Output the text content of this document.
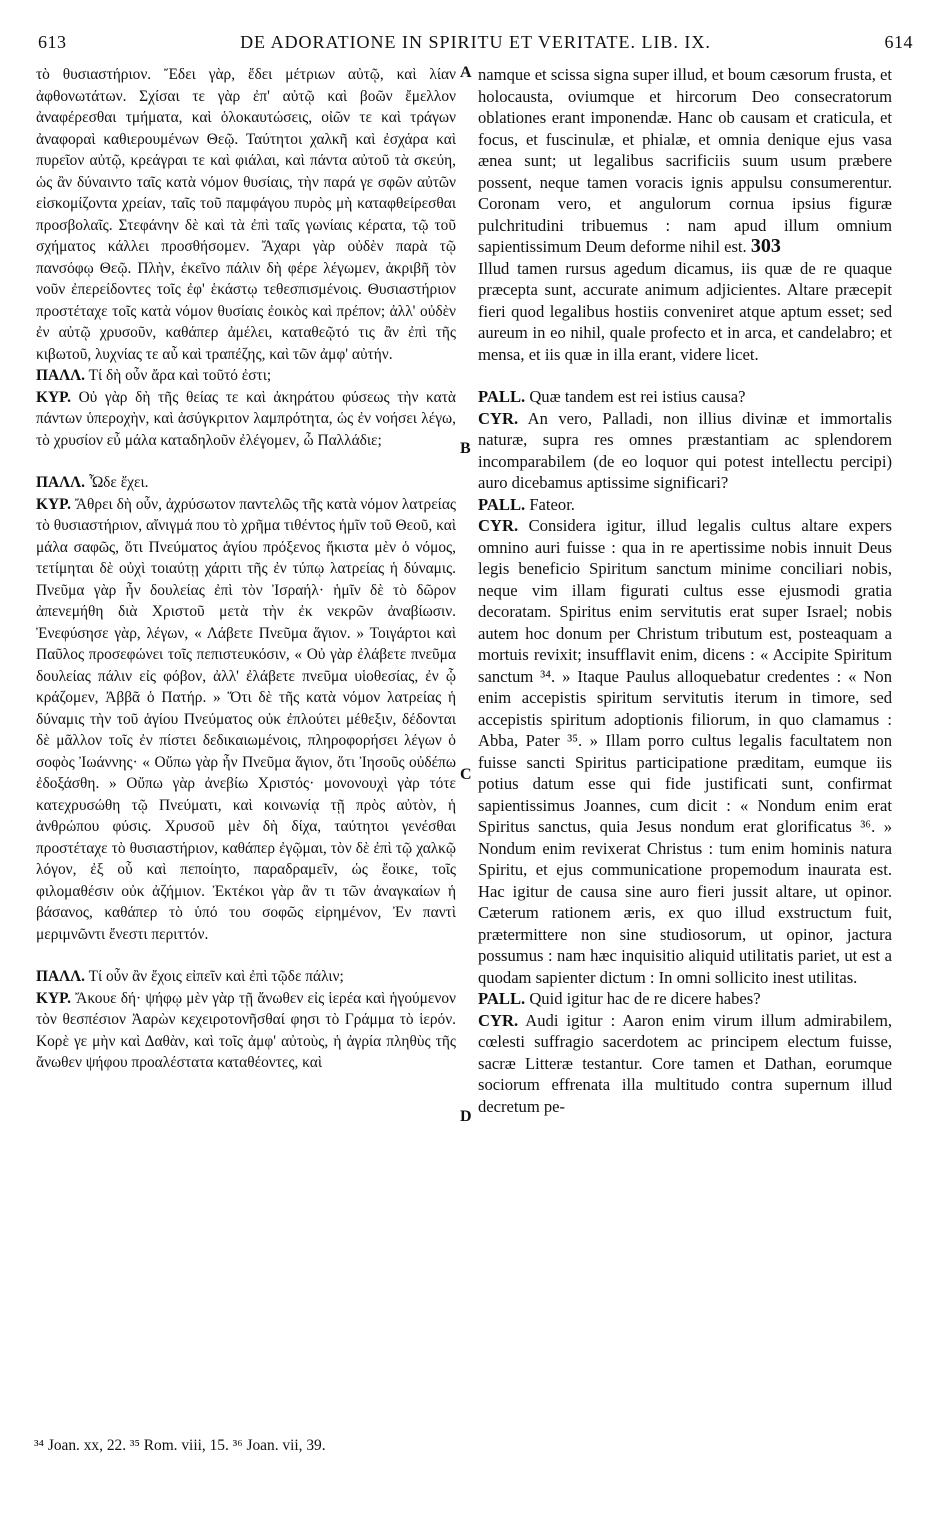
613	DE ADORATIONE IN SPIRITU ET VERITATE. LIB. IX.	614

τὸ θυσιαστήριον. Ἔδει γὰρ, ἔδει μέτριων αὐτῷ, καὶ λίαν ἀφθονωτάτων. Σχίσαι τε γὰρ ἐπ' αὐτῷ καὶ βοῶν ἔμελλον ἀναφέρεσθαι τμήματα, καὶ ὁλοκαυτώσεις, οἰῶν τε καὶ τράγων ἀναφοραὶ καθιερουμένων Θεῷ. Ταύτητοι χαλκῆ καὶ ἐσχάρα καὶ πυρεῖον αὐτῷ, κρεάγραι τε καὶ φιάλαι, καὶ πάντα αὐτοῦ τὰ σκεύη, ὡς ἂν δύναιντο ταῖς κατὰ νόμον θυσίαις, τὴν παρά γε σφῶν αὐτῶν εἰσκομίζοντα χρείαν, ταῖς τοῦ παμφάγου πυρὸς μὴ καταφθείρεσθαι προσβολαῖς. Στεφάνην δὲ καὶ τὰ ἐπὶ ταῖς γωνίαις κέρατα, τῷ τοῦ σχήματος κάλλει προσθήσομεν. Ἄχαρι γὰρ οὐδὲν παρὰ τῷ πανσόφῳ Θεῷ. Πλὴν, ἐκεῖνο πάλιν δὴ φέρε λέγωμεν, ἀκριβῆ τὸν νοῦν ἐπερείδοντες τοῖς ἐφ' ἑκάστῳ τεθεσπισμένοις. Θυσιαστήριον προστέταχε τοῖς κατὰ νόμον θυσίαις ἐοικὸς καὶ πρέπον; ἀλλ' οὐδὲν ἐν αὐτῷ χρυσοῦν, καθάπερ ἀμέλει, καταθεῷτό τις ἂν ἐπὶ τῆς κιβωτοῦ, λυχνίας τε αὖ καὶ τραπέζης, καὶ τῶν ἀμφ' αὐτήν.

ΠΑΛΛ. Τί δὴ οὖν ἄρα καὶ τοῦτό ἐστι;

ΚΥΡ. Οὐ γὰρ δὴ τῆς θείας τε καὶ ἀκηράτου φύσεως τὴν κατὰ πάντων ὑπεροχὴν, καὶ ἀσύγκριτον λαμπρότητα, ὡς ἐν νοήσει λέγω, τὸ χρυσίον εὖ μάλα καταδηλοῦν ἐλέγομεν, ὦ Παλλάδιε;

ΠΑΛΛ. Ὧδε ἔχει.

ΚΥΡ. Ἄθρει δὴ οὖν, ἀχρύσωτον παντελῶς τῆς κατὰ νόμον λατρείας τὸ θυσιαστήριον, αἴνιγμά που τὸ χρῆμα τιθέντος ἡμῖν τοῦ Θεοῦ, καὶ μάλα σαφῶς, ὅτι Πνεύματος ἁγίου πρόξενος ἥκιστα μὲν ὁ νόμος, τετίμηται δὲ οὐχὶ τοιαύτῃ χάριτι τῆς ἐν τύπῳ λατρείας ἡ δύναμις. Πνεῦμα γὰρ ἦν δουλείας ἐπὶ τὸν Ἰσραήλ· ἡμῖν δὲ τὸ δῶρον ἀπενεμήθη διὰ Χριστοῦ μετὰ τὴν ἐκ νεκρῶν ἀναβίωσιν. Ἐνεφύσησε γὰρ, λέγων, « Λάβετε Πνεῦμα ἅγιον. » Τοιγάρτοι καὶ Παῦλος προσεφώνει τοῖς πεπιστευκόσιν, « Οὐ γὰρ ἐλάβετε πνεῦμα δουλείας πάλιν εἰς φόβον, ἀλλ' ἐλάβετε πνεῦμα υἱοθεσίας, ἐν ᾧ κράζομεν, Ἀββᾶ ὁ Πατήρ. » Ὅτι δὲ τῆς κατὰ νόμον λατρείας ἡ δύναμις τὴν τοῦ ἁγίου Πνεύματος οὐκ ἐπλούτει μέθεξιν, δέδονται δὲ μᾶλλον τοῖς ἐν πίστει δεδικαιωμένοις, πληροφορήσει λέγων ὁ σοφὸς Ἰωάννης· « Οὔπω γὰρ ἦν Πνεῦμα ἅγιον, ὅτι Ἰησοῦς οὐδέπω ἐδοξάσθη. » Οὔπω γὰρ ἀνεβίω Χριστός· μονονουχὶ γὰρ τότε κατεχρυσώθη τῷ Πνεύματι, καὶ κοινωνίᾳ τῇ πρὸς αὐτὸν, ἡ ἀνθρώπου φύσις. Χρυσοῦ μὲν δὴ δίχα, ταύτητοι γενέσθαι προστέταχε τὸ θυσιαστήριον, καθάπερ ἐγῷμαι, τὸν δὲ ἐπὶ τῷ χαλκῷ λόγον, ἐξ οὗ καὶ πεποίητο, παραδραμεῖν, ὡς ἔοικε, τοῖς φιλομαθέσιν οὐκ ἀζήμιον. Ἐκτέκοι γὰρ ἂν τι τῶν ἀναγκαίων ἡ βάσανος, καθάπερ τὸ ὑπό του σοφῶς εἰρημένον, Ἐν παντὶ μεριμνῶντι ἔνεστι περιττόν.

ΠΑΛΛ. Τί οὖν ἂν ἔχοις εἰπεῖν καὶ ἐπὶ τῷδε πάλιν;

ΚΥΡ. Ἄκουε δή· ψήφῳ μὲν γὰρ τῇ ἄνωθεν εἰς ἱερέα καὶ ἡγούμενον τὸν θεσπέσιον Ἀαρὼν κεχειροτονῆσθαί φησι τὸ Γράμμα τὸ ἱερόν. Κορὲ γε μὴν καὶ Δαθὰν, καὶ τοῖς ἀμφ' αὐτοὺς, ἡ ἀγρία πληθὺς τῆς ἄνωθεν ψήφου προαλέστατα καταθέοντες, καὶ

namque et scissa signa super illud, et boum cæsorum frusta, et holocausta, oviumque et hircorum Deo consecratorum oblationes erant imponendæ. Hanc ob causam et craticula, et focus, et fuscinulæ, et phialæ, et omnia denique ejus vasa ænea sunt; ut legalibus sacrificiis suum usum præbere possent, neque tamen voracis ignis appulsu consumerentur. Coronam vero, et angulorum cornua ipsius figuræ pulchritudini tribuemus : nam apud illum omnium sapientissimum Deum deforme nihil est. 303

Illud tamen rursus agedum dicamus, iis quæ de re quaque præcepta sunt, accurate animum adjicientes. Altare præcepit fieri quod legalibus hostiis conveniret atque aptum esset; sed aureum in eo nihil, quale profecto et in arca, et candelabro; et mensa, et iis quæ in illa erant, videre licet.

PALL. Quæ tandem est rei istius causa?

CYR. An vero, Palladi, non illius divinæ et immortalis naturæ, supra res omnes præstantiam ac splendorem incomparabilem (de eo loquor qui potest intellectu percipi) auro dicebamus aptissime significari?

PALL. Fateor.

CYR. Considera igitur, illud legalis cultus altare expers omnino auri fuisse : qua in re apertissime nobis innuit Deus legis beneficio Spiritum sanctum minime conciliari nobis, neque vim illam figurati cultus esse ejusmodi gratia decoratam. Spiritus enim servitutis erat super Israel; nobis autem hoc donum per Christum tributum est, posteaquam a mortuis revixit; insufflavit enim, dicens : « Accipite Spiritum sanctum ³⁴. » Itaque Paulus alloquebatur credentes : « Non enim accepistis spiritum servitutis iterum in timore, sed accepistis spiritum adoptionis filiorum, in quo clamamus : Abba, Pater ³⁵. » Illam porro cultus legalis facultatem non fuisse sancti Spiritus participatione præditam, eumque iis potius datum esse qui fide justificati sunt, confirmat sapientissimus Joannes, cum dicit : « Nondum enim erat Spiritus sanctus, quia Jesus nondum erat glorificatus ³⁶. » Nondum enim revixerat Christus : tum enim hominis natura Spiritu, et ejus communicatione propemodum inaurata est. Hac igitur de causa sine auro fieri jussit altare, ut opinor. Cæterum rationem æris, ex quo illud exstructum fuit, prætermittere non sine studiosorum, ut opinor, jactura possumus : nam hæc inquisitio aliquid utilitatis pariet, ut est a quodam sapienter dictum : In omni sollicito inest utilitas.

PALL. Quid igitur hac de re dicere habes?

CYR. Audi igitur : Aaron enim virum illum admirabilem, cœlesti suffragio sacerdotem ac principem electum fuisse, sacræ Litteræ testantur. Core tamen et Dathan, eorumque sociorum effrenata illa multitudo contra supernum illud decretum pe-

A
B
C
D
³⁴ Joan. xx, 22. ³⁵ Rom. viii, 15. ³⁶ Joan. vii, 39.
